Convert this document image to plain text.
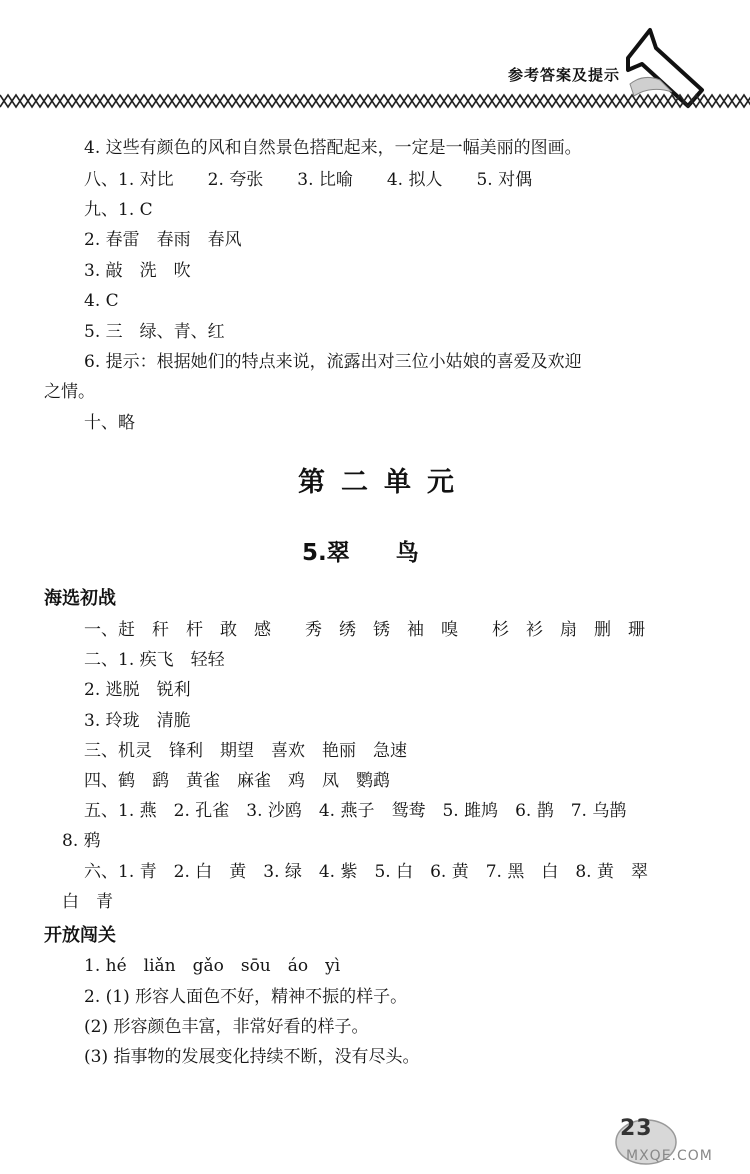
参考答案及提示
4. 这些有颜色的风和自然景色搭配起来，一定是一幅美丽的图画。
八、1. 对比　　2. 夸张　　3. 比喻　　4. 拟人　　5. 对偶
九、1. C
2. 春雷　春雨　春风
3. 敲　洗　吹
4. C
5. 三　绿、青、红
6. 提示：根据她们的特点来说，流露出对三位小姑娘的喜爱及欢迎
之情。
十、略
第二单元
5.翠　　鸟
海选初战
一、赶　秆　杆　敢　感　　秀　绣　锈　袖　嗅　　杉　衫　扇　删　珊
二、1. 疾飞　轻轻
2. 逃脱　锐利
3. 玲珑　清脆
三、机灵　锋利　期望　喜欢　艳丽　急速
四、鹤　鹞　黄雀　麻雀　鸡　凤　鹦鹉
五、1. 燕　2. 孔雀　3. 沙鸥　4. 燕子　鸳鸯　5. 雎鸠　6. 鹊　7. 乌鹊
8. 鸦
六、1. 青　2. 白　黄　3. 绿　4. 紫　5. 白　6. 黄　7. 黑　白　8. 黄　翠
白　青
开放闯关
1. hé　liǎn　gǎo　sōu　áo　yì
2. (1) 形容人面色不好，精神不振的样子。
(2) 形容颜色丰富，非常好看的样子。
(3) 指事物的发展变化持续不断，没有尽头。
23
MXQE.COM
